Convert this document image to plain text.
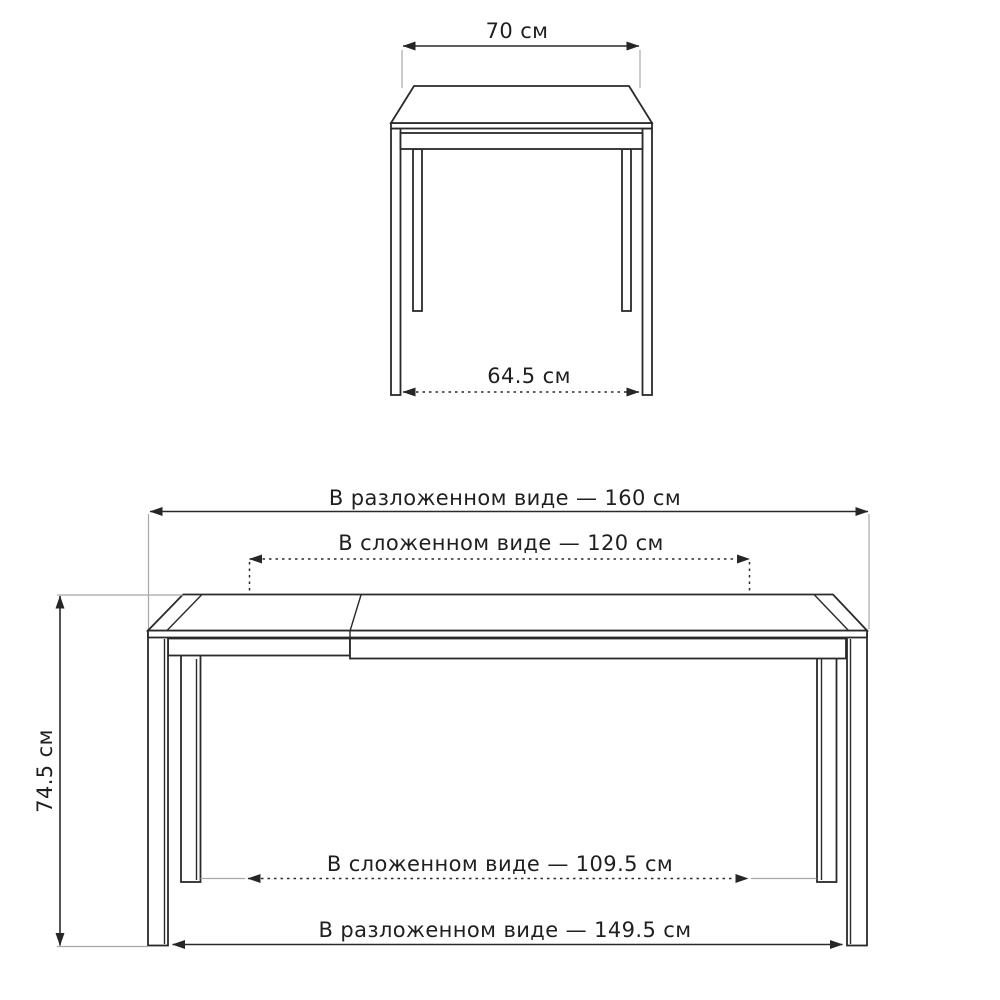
70 см
64.5 см
В разложенном виде — 160 см
В сложенном виде — 120 см
74.5 см
В сложенном виде — 109.5 см
В разложенном виде — 149.5 см
